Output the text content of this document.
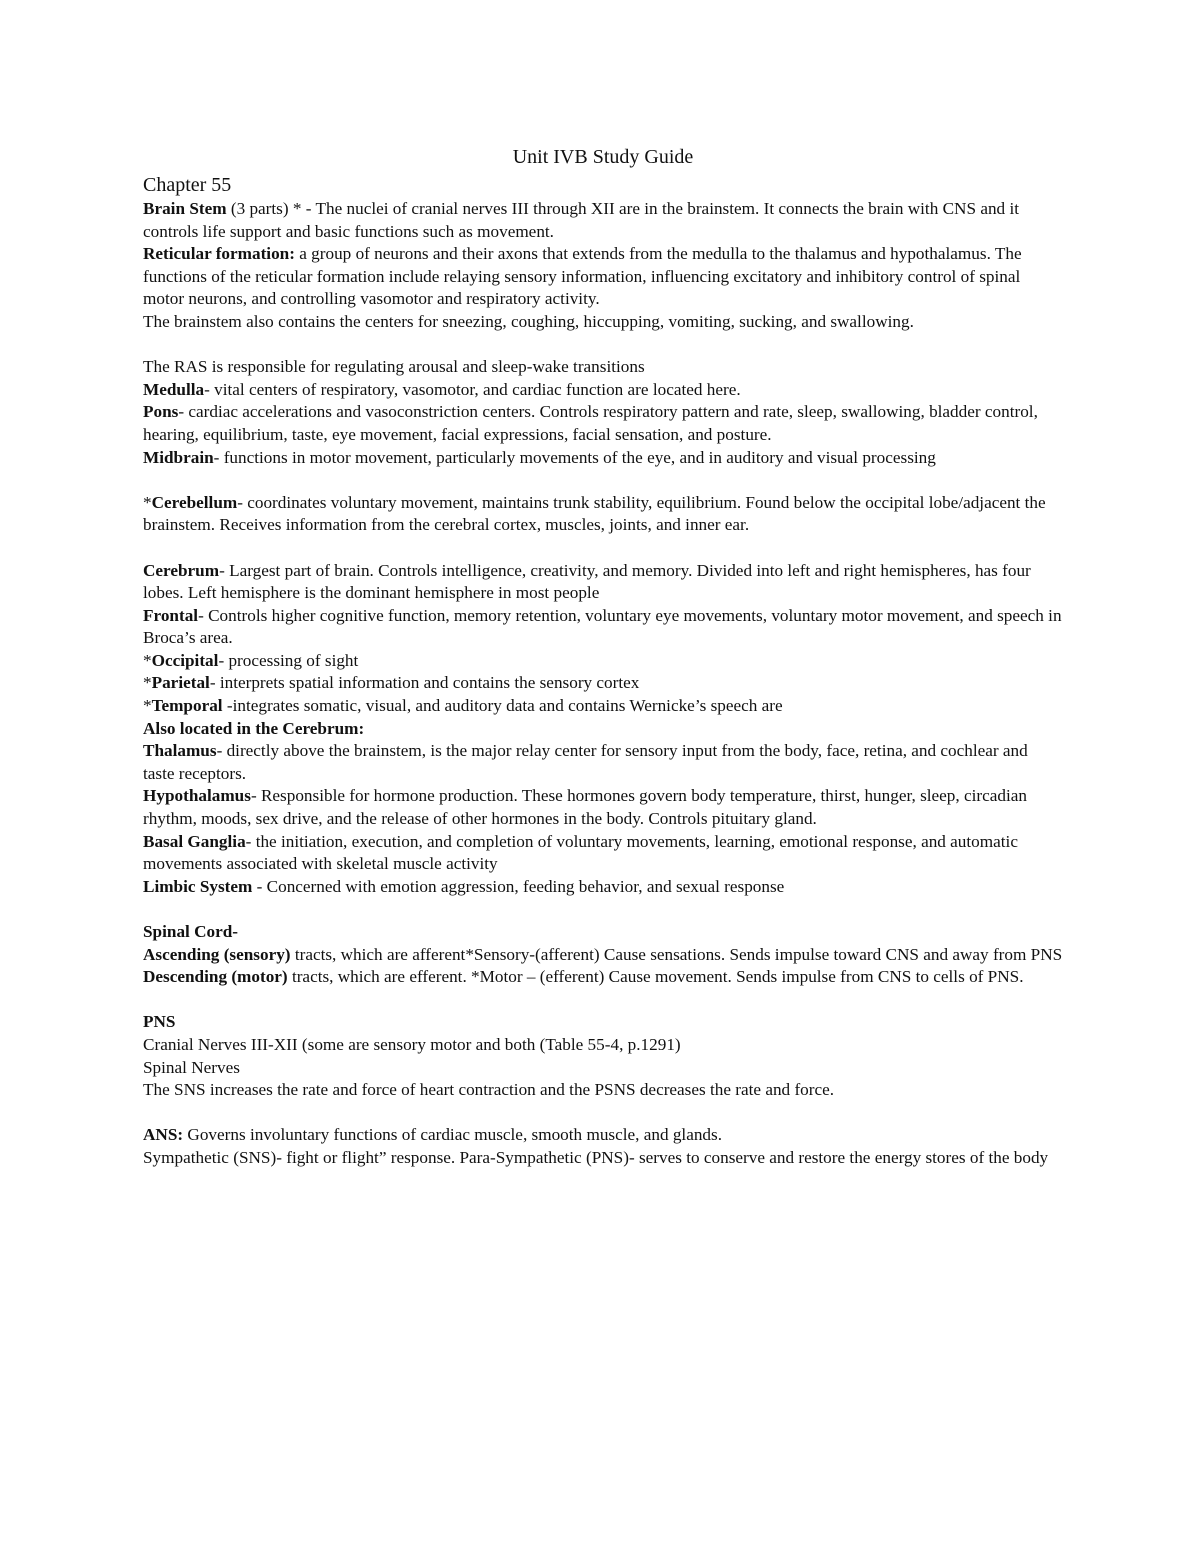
Unit IVB Study Guide
Chapter 55

Brain Stem (3 parts) * - The nuclei of cranial nerves III through XII are in the brainstem. It connects the brain with CNS and it controls life support and basic functions such as movement.

Reticular formation: a group of neurons and their axons that extends from the medulla to the thalamus and hypothalamus. The functions of the reticular formation include relaying sensory information, influencing excitatory and inhibitory control of spinal motor neurons, and controlling vasomotor and respiratory activity.

The brainstem also contains the centers for sneezing, coughing, hiccupping, vomiting, sucking, and swallowing.

The RAS is responsible for regulating arousal and sleep-wake transitions

Medulla- vital centers of respiratory, vasomotor, and cardiac function are located here.

Pons- cardiac accelerations and vasoconstriction centers. Controls respiratory pattern and rate, sleep, swallowing, bladder control, hearing, equilibrium, taste, eye movement, facial expressions, facial sensation, and posture.

Midbrain- functions in motor movement, particularly movements of the eye, and in auditory and visual processing

*Cerebellum- coordinates voluntary movement, maintains trunk stability, equilibrium. Found below the occipital lobe/adjacent the brainstem. Receives information from the cerebral cortex, muscles, joints, and inner ear.

Cerebrum- Largest part of brain. Controls intelligence, creativity, and memory. Divided into left and right hemispheres, has four lobes. Left hemisphere is the dominant hemisphere in most people

Frontal- Controls higher cognitive function, memory retention, voluntary eye movements, voluntary motor movement, and speech in Broca’s area.

*Occipital- processing of sight

*Parietal- interprets spatial information and contains the sensory cortex

*Temporal -integrates somatic, visual, and auditory data and contains Wernicke’s speech are

Also located in the Cerebrum:

Thalamus- directly above the brainstem, is the major relay center for sensory input from the body, face, retina, and cochlear and taste receptors.

Hypothalamus- Responsible for hormone production. These hormones govern body temperature, thirst, hunger, sleep, circadian rhythm, moods, sex drive, and the release of other hormones in the body. Controls pituitary gland.

Basal Ganglia- the initiation, execution, and completion of voluntary movements, learning, emotional response, and automatic movements associated with skeletal muscle activity

Limbic System - Concerned with emotion aggression, feeding behavior, and sexual response

Spinal Cord-

Ascending (sensory) tracts, which are afferent*Sensory-(afferent) Cause sensations. Sends impulse toward CNS and away from PNS

Descending (motor) tracts, which are efferent. *Motor – (efferent) Cause movement. Sends impulse from CNS to cells of PNS.

PNS

Cranial Nerves III-XII (some are sensory motor and both (Table 55-4, p.1291)

Spinal Nerves

The SNS increases the rate and force of heart contraction and the PSNS decreases the rate and force.

ANS: Governs involuntary functions of cardiac muscle, smooth muscle, and glands.

Sympathetic (SNS)- fight or flight” response. Para-Sympathetic (PNS)- serves to conserve and restore the energy stores of the body
